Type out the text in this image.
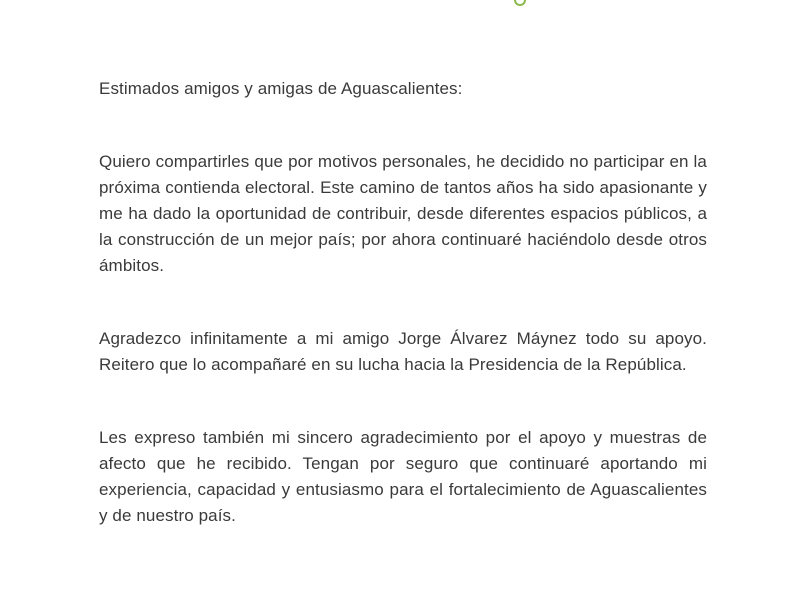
Estimados amigos y amigas de Aguascalientes:

Quiero compartirles que por motivos personales, he decidido no participar en la próxima contienda electoral. Este camino de tantos años ha sido apasionante y me ha dado la oportunidad de contribuir, desde diferentes espacios públicos, a la construcción de un mejor país; por ahora continuaré haciéndolo desde otros ámbitos.

Agradezco infinitamente a mi amigo Jorge Álvarez Máynez todo su apoyo. Reitero que lo acompañaré en su lucha hacia la Presidencia de la República.

Les expreso también mi sincero agradecimiento por el apoyo y muestras de afecto que he recibido. Tengan por seguro que continuaré aportando mi experiencia, capacidad y entusiasmo para el fortalecimiento de Aguascalientes y de nuestro país.
